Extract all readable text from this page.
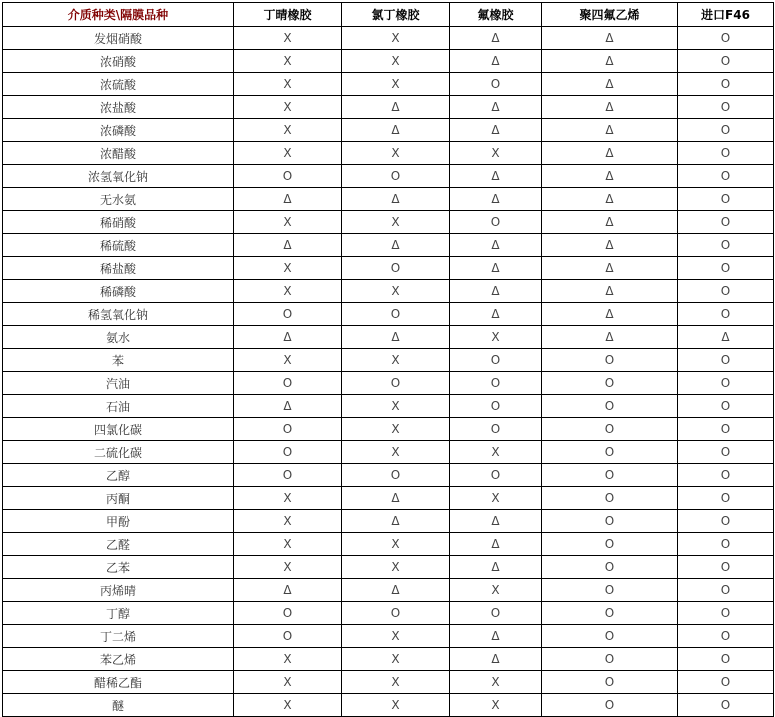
介质种类\隔膜品种	丁晴橡胶	氯丁橡胶	氟橡胶	聚四氟乙烯	进口F46
发烟硝酸	X	X	Δ	Δ	O
浓硝酸	X	X	Δ	Δ	O
浓硫酸	X	X	O	Δ	O
浓盐酸	X	Δ	Δ	Δ	O
浓磷酸	X	Δ	Δ	Δ	O
浓醋酸	X	X	X	Δ	O
浓氢氧化钠	O	O	Δ	Δ	O
无水氨	Δ	Δ	Δ	Δ	O
稀硝酸	X	X	O	Δ	O
稀硫酸	Δ	Δ	Δ	Δ	O
稀盐酸	X	O	Δ	Δ	O
稀磷酸	X	X	Δ	Δ	O
稀氢氧化钠	O	O	Δ	Δ	O
氨水	Δ	Δ	X	Δ	Δ
苯	X	X	O	O	O
汽油	O	O	O	O	O
石油	Δ	X	O	O	O
四氯化碳	O	X	O	O	O
二硫化碳	O	X	X	O	O
乙醇	O	O	O	O	O
丙酮	X	Δ	X	O	O
甲酚	X	Δ	Δ	O	O
乙醛	X	X	Δ	O	O
乙苯	X	X	Δ	O	O
丙烯晴	Δ	Δ	X	O	O
丁醇	O	O	O	O	O
丁二烯	O	X	Δ	O	O
苯乙烯	X	X	Δ	O	O
醋稀乙酯	X	X	X	O	O
醚	X	X	X	O	O
